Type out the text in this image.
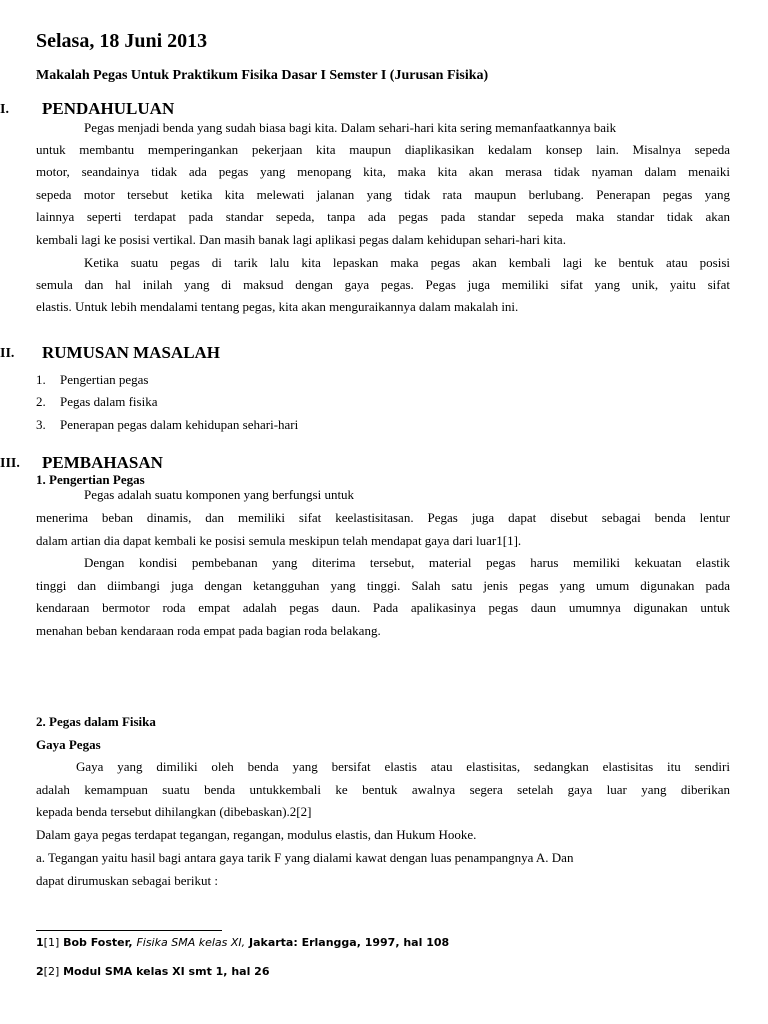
Selasa, 18 Juni 2013
Makalah Pegas Untuk Praktikum Fisika Dasar I Semster I (Jurusan Fisika)
I. PENDAHULUAN
Pegas menjadi benda yang sudah biasa bagi kita. Dalam sehari-hari kita sering memanfaatkannya baik
untuk membantu memperingankan pekerjaan kita maupun diaplikasikan kedalam konsep lain. Misalnya sepeda
motor, seandainya tidak ada pegas yang menopang kita, maka kita akan merasa tidak nyaman dalam menaiki
sepeda motor tersebut ketika kita melewati jalanan yang tidak rata maupun berlubang. Penerapan pegas yang
lainnya seperti terdapat pada standar sepeda, tanpa ada pegas pada standar sepeda maka standar tidak akan
kembali lagi ke posisi vertikal. Dan masih banak lagi aplikasi pegas dalam kehidupan sehari-hari kita.
Ketika suatu pegas di tarik lalu kita lepaskan maka pegas akan kembali lagi ke bentuk atau posisi
semula dan hal inilah yang di maksud dengan gaya pegas. Pegas juga memiliki sifat yang unik, yaitu sifat
elastis. Untuk lebih mendalami tentang pegas, kita akan menguraikannya dalam makalah ini.
II. RUMUSAN MASALAH
1. Pengertian pegas
2. Pegas dalam fisika
3. Penerapan pegas dalam kehidupan sehari-hari
III. PEMBAHASAN
1. Pengertian Pegas
Pegas adalah suatu komponen yang berfungsi untuk
menerima beban dinamis, dan memiliki sifat keelastisitasan. Pegas juga dapat disebut sebagai benda lentur
dalam artian dia dapat kembali ke posisi semula meskipun telah mendapat gaya dari luar1[1].
Dengan kondisi pembebanan yang diterima tersebut, material pegas harus memiliki kekuatan elastik
tinggi dan diimbangi juga dengan ketangguhan yang tinggi. Salah satu jenis pegas yang umum digunakan pada
kendaraan bermotor roda empat adalah pegas daun. Pada apalikasinya pegas daun umumnya digunakan untuk
menahan beban kendaraan roda empat pada bagian roda belakang.
2. Pegas dalam Fisika
Gaya Pegas
Gaya yang dimiliki oleh benda yang bersifat elastis atau elastisitas, sedangkan elastisitas itu sendiri
adalah kemampuan suatu benda untukkembali ke bentuk awalnya segera setelah gaya luar yang diberikan
kepada benda tersebut dihilangkan (dibebaskan).2[2]
Dalam gaya pegas terdapat tegangan, regangan, modulus elastis, dan Hukum Hooke.
a. Tegangan yaitu hasil bagi antara gaya tarik F yang dialami kawat dengan luas penampangnya A. Dan
dapat dirumuskan sebagai berikut :
1[1] Bob Foster, Fisika SMA kelas XI, Jakarta: Erlangga, 1997, hal 108
2[2] Modul SMA kelas XI smt 1, hal 26
